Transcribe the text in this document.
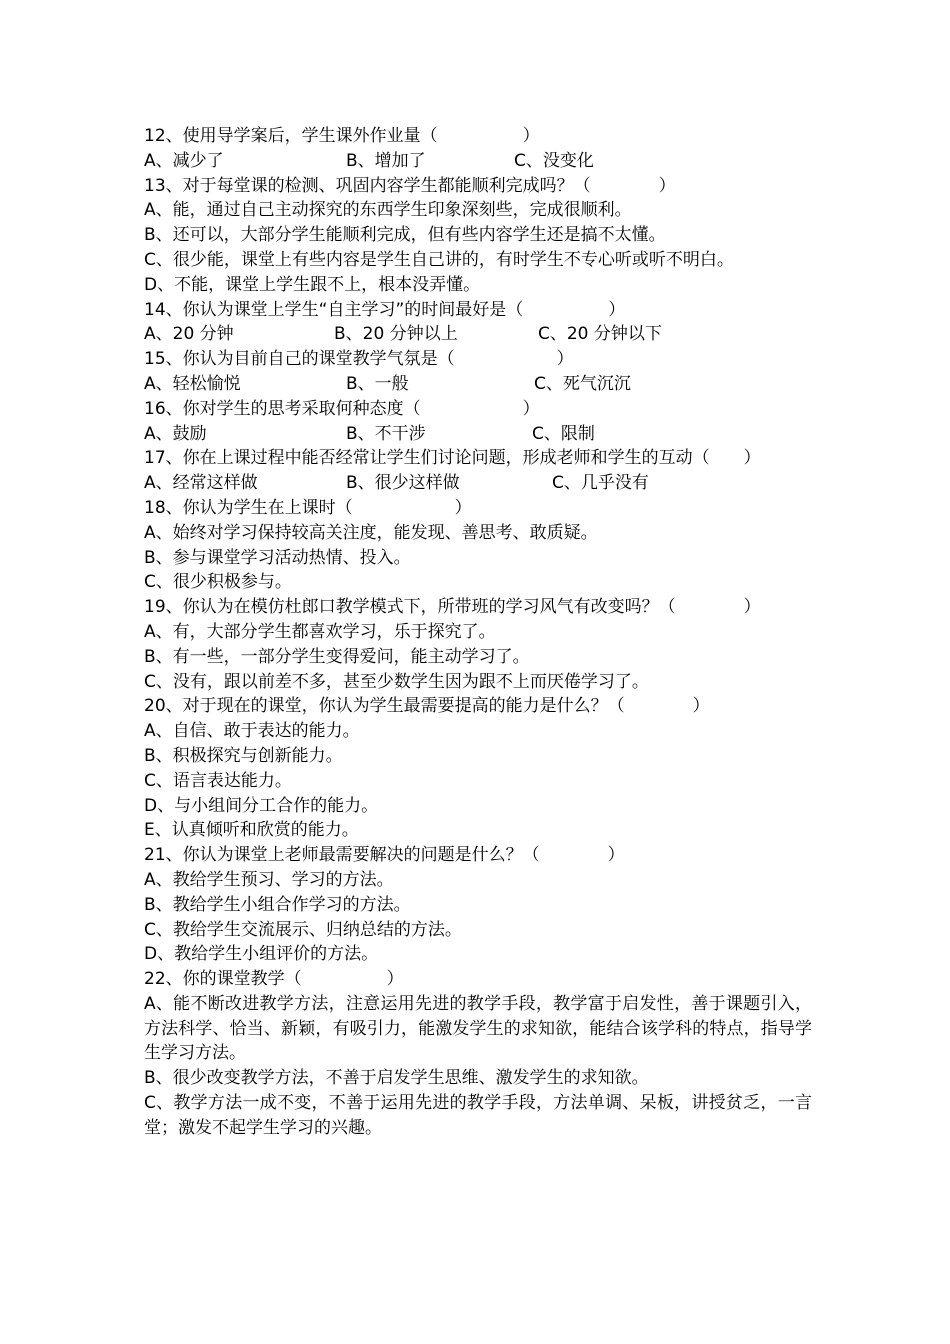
12、使用导学案后，学生课外作业量（　　　　　）
A、减少了	B、增加了	C、没变化
13、对于每堂课的检测、巩固内容学生都能顺利完成吗？（　　　　）
A、能，通过自己主动探究的东西学生印象深刻些，完成很顺利。
B、还可以，大部分学生能顺利完成，但有些内容学生还是搞不太懂。
C、很少能，课堂上有些内容是学生自己讲的，有时学生不专心听或听不明白。
D、不能，课堂上学生跟不上，根本没弄懂。
14、你认为课堂上学生“自主学习”的时间最好是（　　　　　）
A、20 分钟	B、20 分钟以上	C、20 分钟以下
15、你认为目前自己的课堂教学气氛是（　　　　　　）
A、轻松愉悦	B、一般	C、死气沉沉
16、你对学生的思考采取何种态度（　　　　　　）
A、鼓励	B、不干涉	C、限制
17、你在上课过程中能否经常让学生们讨论问题，形成老师和学生的互动（　　）
A、经常这样做	B、很少这样做	C、几乎没有
18、你认为学生在上课时（　　　　　　）
A、始终对学习保持较高关注度，能发现、善思考、敢质疑。
B、参与课堂学习活动热情、投入。
C、很少积极参与。
19、你认为在模仿杜郎口教学模式下，所带班的学习风气有改变吗？（　　　　）
A、有，大部分学生都喜欢学习，乐于探究了。
B、有一些，一部分学生变得爱问，能主动学习了。
C、没有，跟以前差不多，甚至少数学生因为跟不上而厌倦学习了。
20、对于现在的课堂，你认为学生最需要提高的能力是什么？（　　　　）
A、自信、敢于表达的能力。
B、积极探究与创新能力。
C、语言表达能力。
D、与小组间分工合作的能力。
E、认真倾听和欣赏的能力。
21、你认为课堂上老师最需要解决的问题是什么？（　　　　）
A、教给学生预习、学习的方法。
B、教给学生小组合作学习的方法。
C、教给学生交流展示、归纳总结的方法。
D、教给学生小组评价的方法。
22、你的课堂教学（　　　　　）
A、能不断改进教学方法，注意运用先进的教学手段，教学富于启发性，善于课题引入，方法科学、恰当、新颖，有吸引力，能激发学生的求知欲，能结合该学科的特点，指导学生学习方法。
B、很少改变教学方法，不善于启发学生思维、激发学生的求知欲。
C、教学方法一成不变，不善于运用先进的教学手段，方法单调、呆板，讲授贫乏，一言堂；激发不起学生学习的兴趣。
